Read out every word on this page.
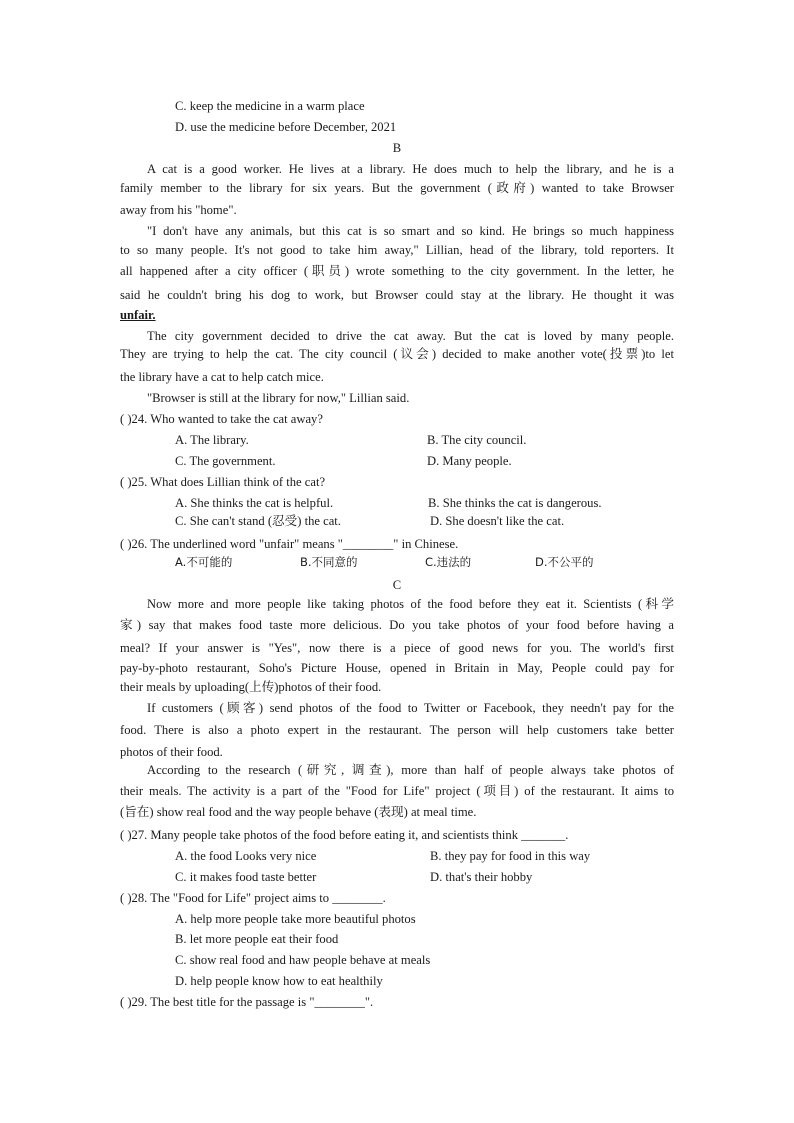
C. keep the medicine in a warm place
D. use the medicine before December, 2021
B
A cat is a good worker. He lives at a library. He does much to help the library, and he is a
family member to the library for six years. But the government (政府) wanted to take Browser
away from his "home".
"I don't have any animals, but this cat is so smart and so kind. He brings so much happiness
to so many people. It's not good to take him away," Lillian, head of the library, told reporters. It
all happened after a city officer (职员) wrote something to the city government. In the letter, he
said he couldn't bring his dog to work, but Browser could stay at the library. He thought it was
unfair.
The city government decided to drive the cat away. But the cat is loved by many people.
They are trying to help the cat. The city council (议会) decided to make another vote(投票)to let
the library have a cat to help catch mice.
"Browser is still at the library for now," Lillian said.
( )24. Who wanted to take the cat away?
A. The library.	B. The city council.
C. The government.	D. Many people.
( )25. What does Lillian think of the cat?
A. She thinks the cat is helpful.	B. She thinks the cat is dangerous.
C. She can't stand (忍受) the cat.	D. She doesn't like the cat.
( )26. The underlined word "unfair" means "________" in Chinese.
A.不可能的	B.不同意的	C.违法的	D.不公平的
C
Now more and more people like taking photos of the food before they eat it. Scientists (科学
家) say that makes food taste more delicious. Do you take photos of your food before having a
meal? If your answer is "Yes", now there is a piece of good news for you. The world's first
pay-by-photo restaurant, Soho's Picture House, opened in Britain in May, People could pay for
their meals by uploading(上传)photos of their food.
If customers (顾客) send photos of the food to Twitter or Facebook, they needn't pay for the
food. There is also a photo expert in the restaurant. The person will help customers take better
photos of their food.
According to the research (研究, 调查), more than half of people always take photos of
their meals. The activity is a part of the "Food for Life" project (项目) of the restaurant. It aims to
(旨在) show real food and the way people behave (表现) at meal time.
( )27. Many people take photos of the food before eating it, and scientists think _______.
A. the food Looks very nice	B. they pay for food in this way
C. it makes food taste better	D. that's their hobby
( )28. The "Food for Life" project aims to ________.
A. help more people take more beautiful photos
B. let more people eat their food
C. show real food and haw people behave at meals
D. help people know how to eat healthily
( )29. The best title for the passage is "________".
